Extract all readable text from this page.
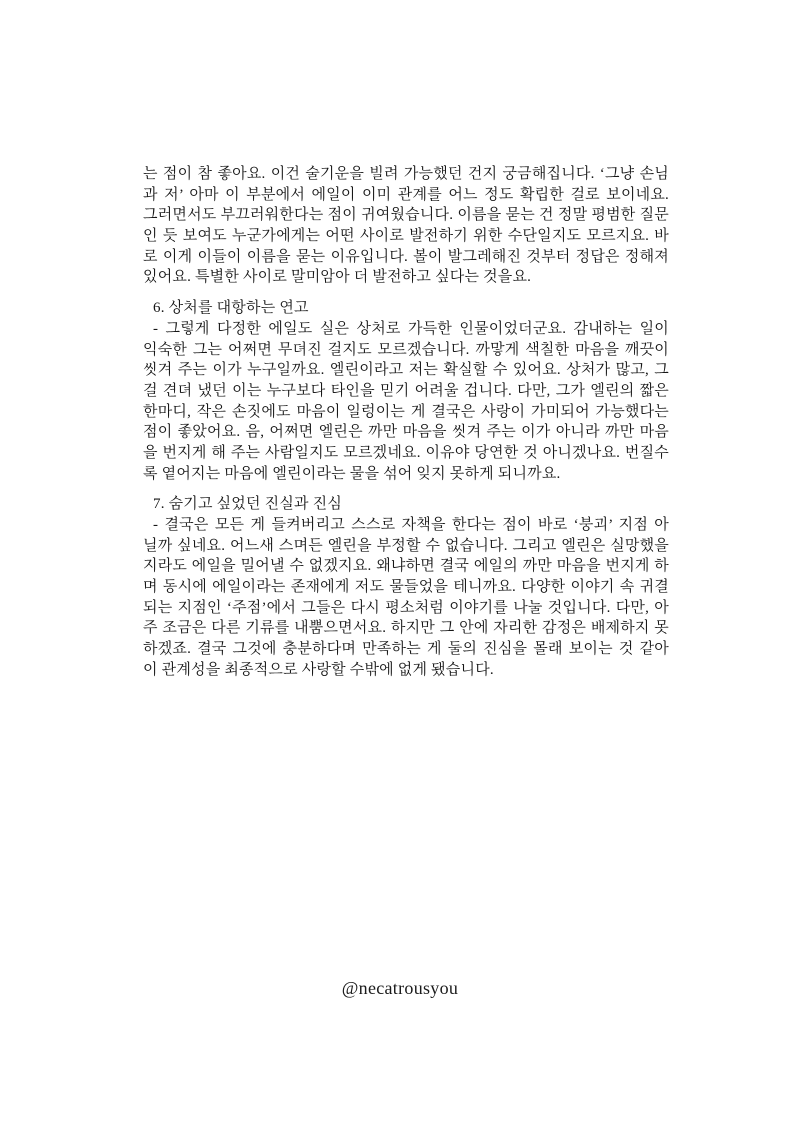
는 점이 참 좋아요. 이건 술기운을 빌려 가능했던 건지 궁금해집니다. ‘그냥 손님
과 저’ 아마 이 부분에서 에일이 이미 관계를 어느 정도 확립한 걸로 보이네요.
그러면서도 부끄러워한다는 점이 귀여웠습니다. 이름을 묻는 건 정말 평범한 질문
인 듯 보여도 누군가에게는 어떤 사이로 발전하기 위한 수단일지도 모르지요. 바
로 이게 이들이 이름을 묻는 이유입니다. 볼이 발그레해진 것부터 정답은 정해져
있어요. 특별한 사이로 말미암아 더 발전하고 싶다는 것을요.
6. 상처를 대항하는 연고
- 그렇게 다정한 에일도 실은 상처로 가득한 인물이었더군요. 감내하는 일이
익숙한 그는 어쩌면 무뎌진 걸지도 모르겠습니다. 까맣게 색칠한 마음을 깨끗이
씻겨 주는 이가 누구일까요. 엘린이라고 저는 확실할 수 있어요. 상처가 많고, 그
걸 견뎌 냈던 이는 누구보다 타인을 믿기 어려울 겁니다. 다만, 그가 엘린의 짧은
한마디, 작은 손짓에도 마음이 일렁이는 게 결국은 사랑이 가미되어 가능했다는
점이 좋았어요. 음, 어쩌면 엘린은 까만 마음을 씻겨 주는 이가 아니라 까만 마음
을 번지게 해 주는 사람일지도 모르겠네요. 이유야 당연한 것 아니겠나요. 번질수
록 옅어지는 마음에 엘린이라는 물을 섞어 잊지 못하게 되니까요.
7. 숨기고 싶었던 진실과 진심
- 결국은 모든 게 들켜버리고 스스로 자책을 한다는 점이 바로 ‘붕괴’ 지점 아
닐까 싶네요. 어느새 스며든 엘린을 부정할 수 없습니다. 그리고 엘린은 실망했을
지라도 에일을 밀어낼 수 없겠지요. 왜냐하면 결국 에일의 까만 마음을 번지게 하
며 동시에 에일이라는 존재에게 저도 물들었을 테니까요. 다양한 이야기 속 귀결
되는 지점인 ‘주점’에서 그들은 다시 평소처럼 이야기를 나눌 것입니다. 다만, 아
주 조금은 다른 기류를 내뿜으면서요. 하지만 그 안에 자리한 감정은 배제하지 못
하겠죠. 결국 그것에 충분하다며 만족하는 게 둘의 진심을 몰래 보이는 것 같아
이 관계성을 최종적으로 사랑할 수밖에 없게 됐습니다.
@necatrousyou
